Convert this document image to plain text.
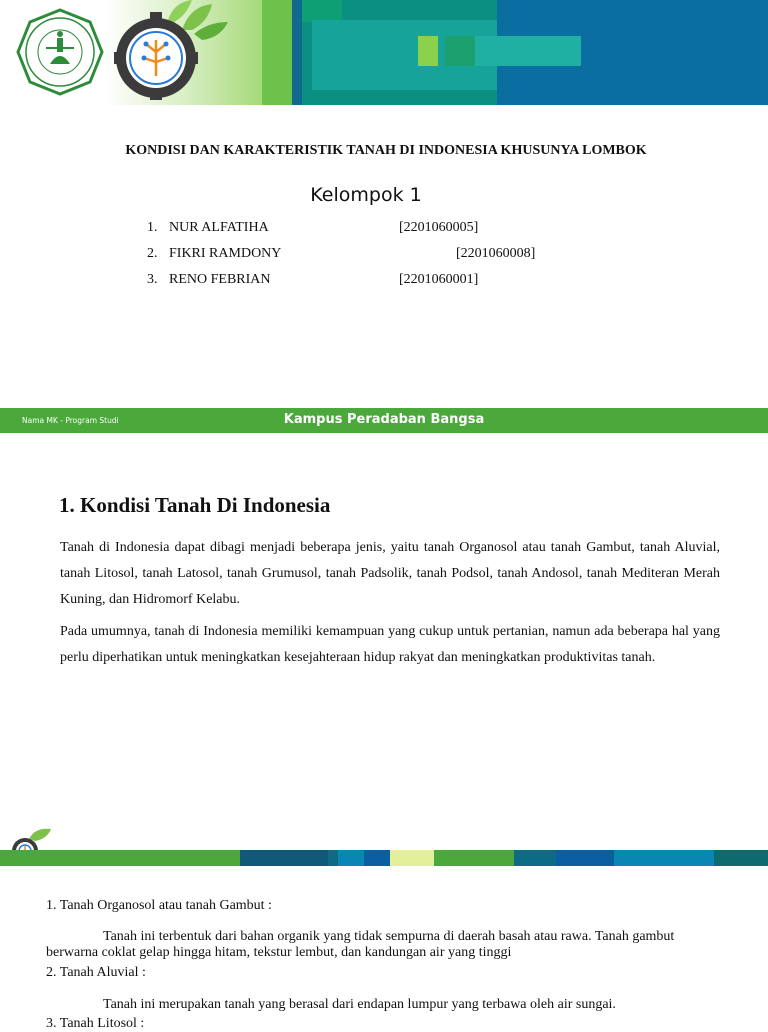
KONDISI DAN KARAKTERISTIK TANAH DI INDONESIA KHUSUNYA LOMBOK
Kelompok 1
1. NUR ALFATIHA	[2201060005]
2. FIKRI RAMDONY	[2201060008]
3. RENO FEBRIAN	[2201060001]
Nama MK - Program Studi	Kampus Peradaban Bangsa
1. Kondisi Tanah Di Indonesia
Tanah di Indonesia dapat dibagi menjadi beberapa jenis, yaitu tanah Organosol atau tanah Gambut, tanah Aluvial, tanah Litosol, tanah Latosol, tanah Grumusol, tanah Padsolik, tanah Podsol, tanah Andosol, tanah Mediteran Merah Kuning, dan Hidromorf Kelabu.
Pada umumnya, tanah di Indonesia memiliki kemampuan yang cukup untuk pertanian, namun ada beberapa hal yang perlu diperhatikan untuk meningkatkan kesejahteraan hidup rakyat dan meningkatkan produktivitas tanah.
1. Tanah Organosol atau tanah Gambut :
Tanah ini terbentuk dari bahan organik yang tidak sempurna di daerah basah atau rawa. Tanah gambut
berwarna coklat gelap hingga hitam, tekstur lembut, dan kandungan air yang tinggi
2. Tanah Aluvial :
Tanah ini merupakan tanah yang berasal dari endapan lumpur yang terbawa oleh air sungai.
3. Tanah Litosol :
